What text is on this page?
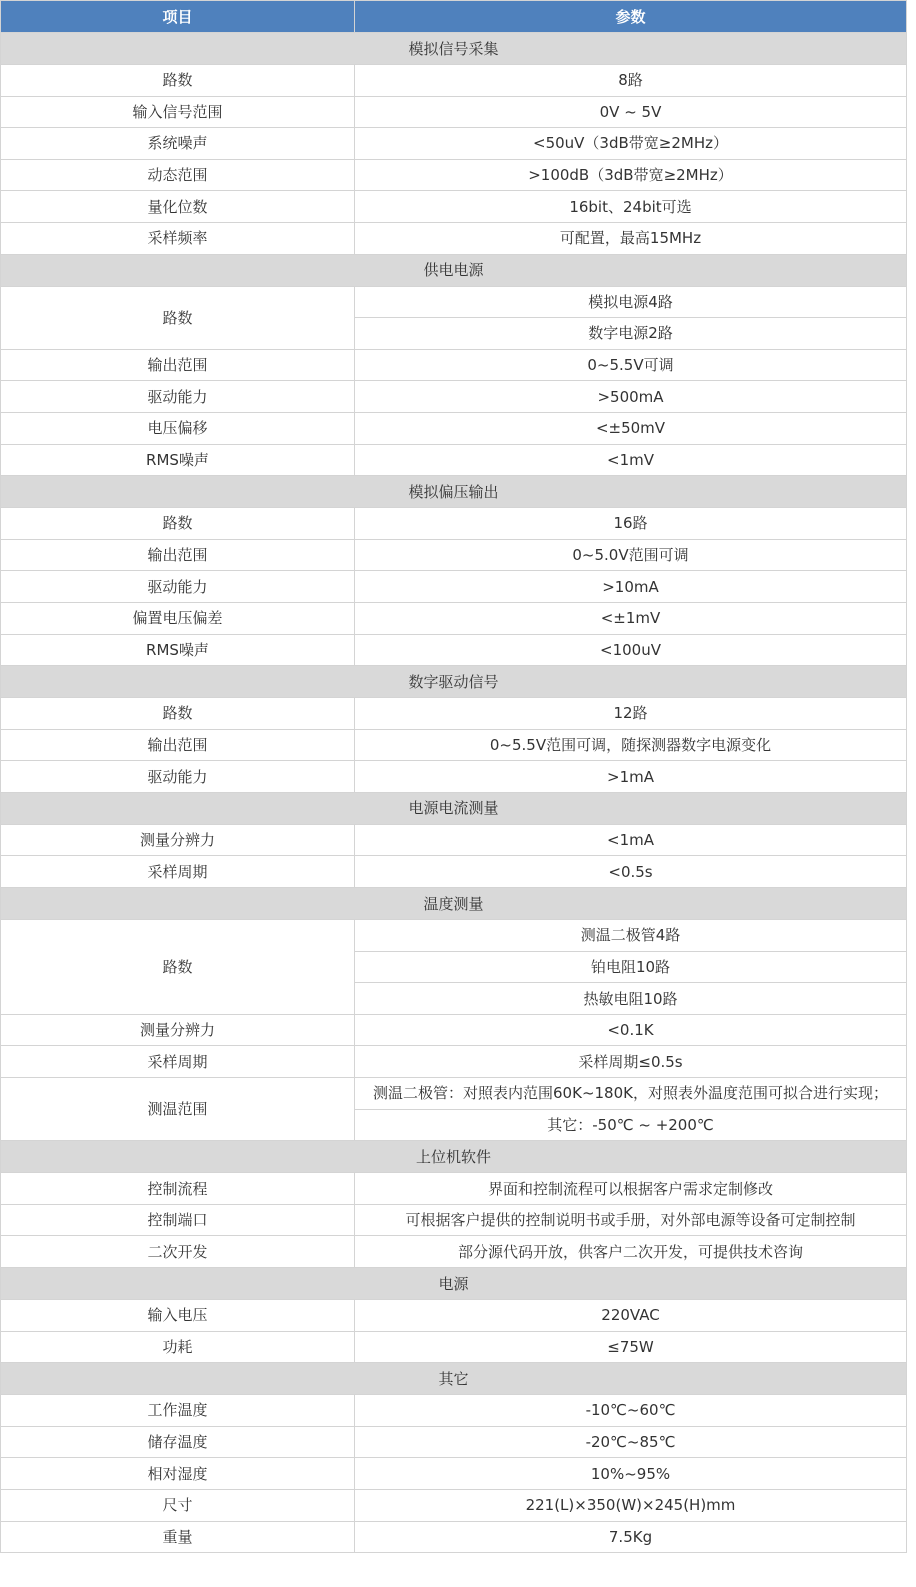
项目	参数
模拟信号采集	
路数	8路
输入信号范围	0V ~ 5V
系统噪声	<50uV（3dB带宽≥2MHz）
动态范围	>100dB（3dB带宽≥2MHz）
量化位数	16bit、24bit可选
采样频率	可配置，最高15MHz
供电电源	
路数	模拟电源4路
	数字电源2路
输出范围	0~5.5V可调
驱动能力	>500mA
电压偏移	<±50mV
RMS噪声	<1mV
模拟偏压输出	
路数	16路
输出范围	0~5.0V范围可调
驱动能力	>10mA
偏置电压偏差	<±1mV
RMS噪声	<100uV
数字驱动信号	
路数	12路
输出范围	0~5.5V范围可调，随探测器数字电源变化
驱动能力	>1mA
电源电流测量	
测量分辨力	<1mA
采样周期	<0.5s
温度测量	
路数	测温二极管4路
	铂电阻10路
	热敏电阻10路
测量分辨力	<0.1K
采样周期	采样周期≤0.5s
测温范围	测温二极管：对照表内范围60K~180K，对照表外温度范围可拟合进行实现；
	其它：-50℃ ~ +200℃
上位机软件	
控制流程	界面和控制流程可以根据客户需求定制修改
控制端口	可根据客户提供的控制说明书或手册，对外部电源等设备可定制控制
二次开发	部分源代码开放，供客户二次开发，可提供技术咨询
电源	
输入电压	220VAC
功耗	≤75W
其它	
工作温度	-10℃~60℃
储存温度	-20℃~85℃
相对湿度	10%~95%
尺寸	221(L)×350(W)×245(H)mm
重量	7.5Kg
